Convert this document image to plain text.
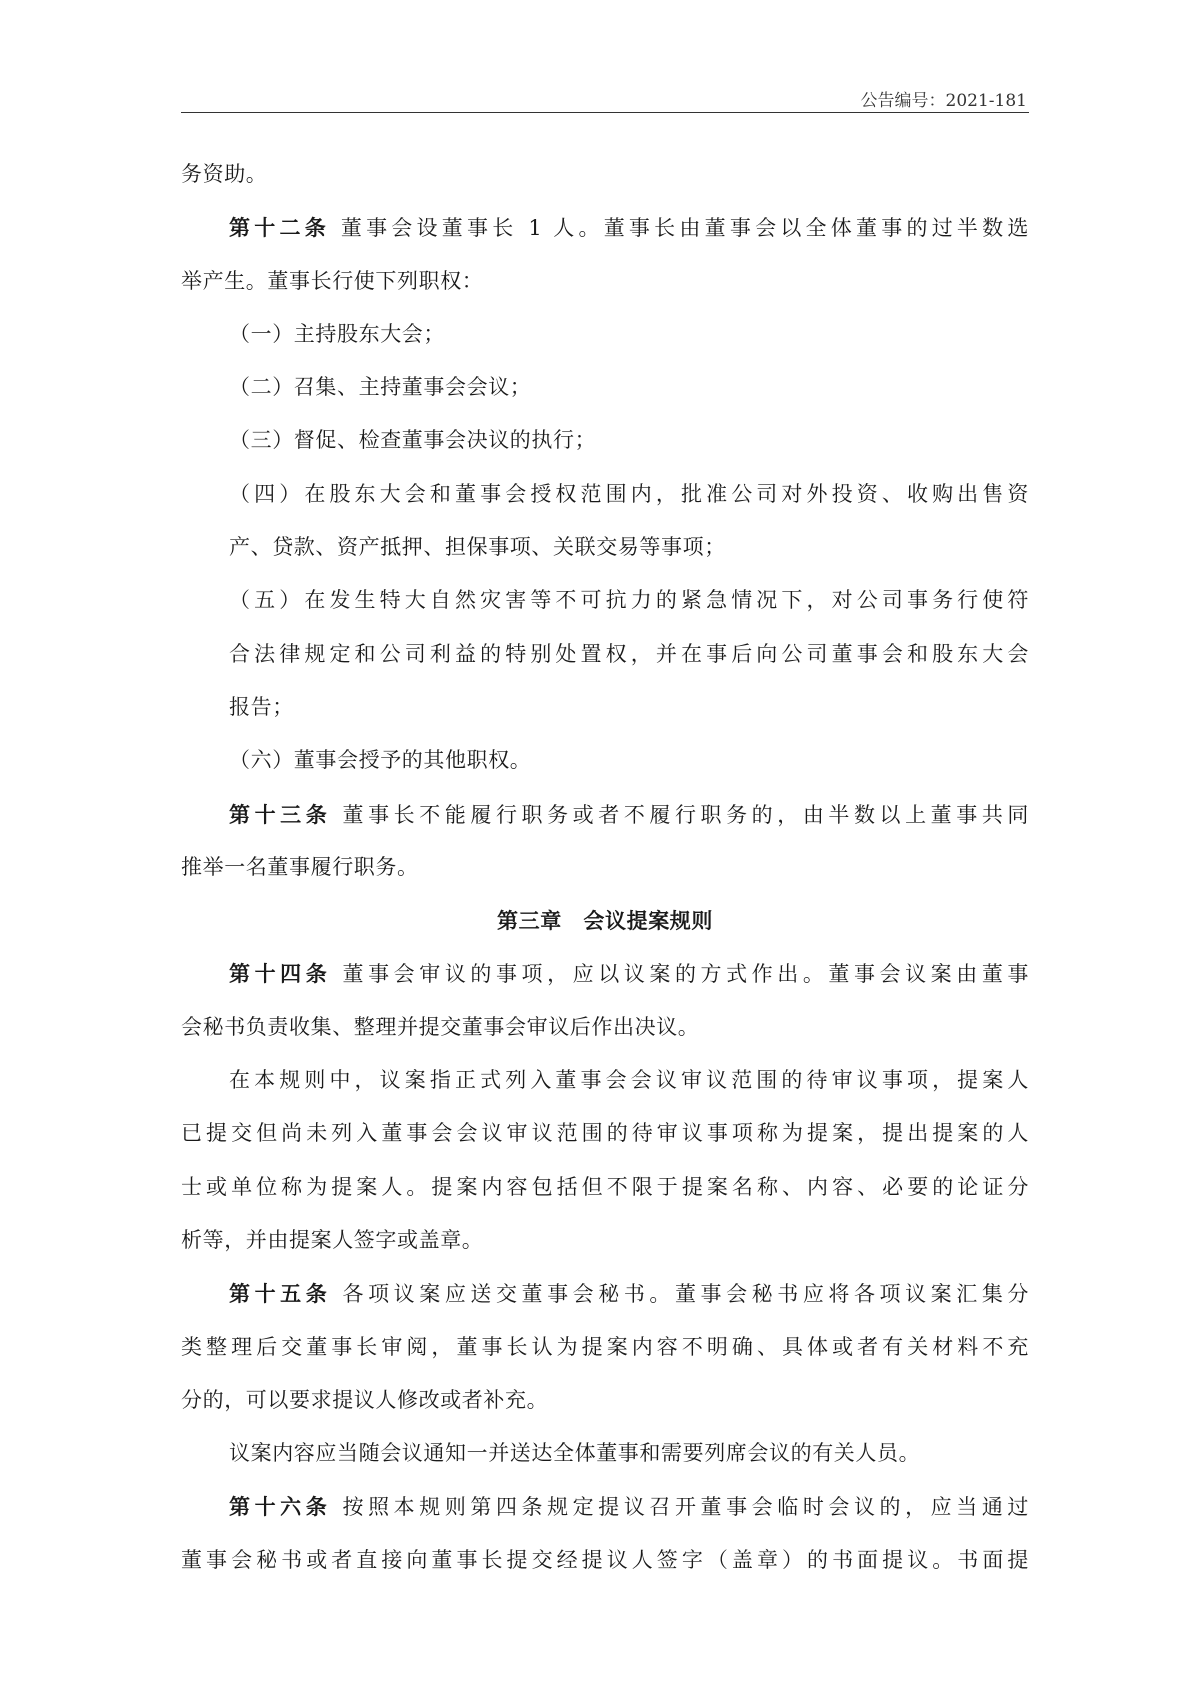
公告编号：2021-181
务资助。
第十二条 董事会设董事长 1 人。董事长由董事会以全体董事的过半数选
举产生。董事长行使下列职权：
（一）主持股东大会；
（二）召集、主持董事会会议；
（三）督促、检查董事会决议的执行；
（四）在股东大会和董事会授权范围内，批准公司对外投资、收购出售资
产、贷款、资产抵押、担保事项、关联交易等事项；
（五）在发生特大自然灾害等不可抗力的紧急情况下，对公司事务行使符
合法律规定和公司利益的特别处置权，并在事后向公司董事会和股东大会
报告；
（六）董事会授予的其他职权。
第十三条 董事长不能履行职务或者不履行职务的，由半数以上董事共同
推举一名董事履行职务。
第三章　会议提案规则
第十四条 董事会审议的事项，应以议案的方式作出。董事会议案由董事
会秘书负责收集、整理并提交董事会审议后作出决议。
在本规则中，议案指正式列入董事会会议审议范围的待审议事项，提案人
已提交但尚未列入董事会会议审议范围的待审议事项称为提案，提出提案的人
士或单位称为提案人。提案内容包括但不限于提案名称、内容、必要的论证分
析等，并由提案人签字或盖章。
第十五条 各项议案应送交董事会秘书。董事会秘书应将各项议案汇集分
类整理后交董事长审阅，董事长认为提案内容不明确、具体或者有关材料不充
分的，可以要求提议人修改或者补充。
议案内容应当随会议通知一并送达全体董事和需要列席会议的有关人员。
第十六条 按照本规则第四条规定提议召开董事会临时会议的，应当通过
董事会秘书或者直接向董事长提交经提议人签字（盖章）的书面提议。书面提
